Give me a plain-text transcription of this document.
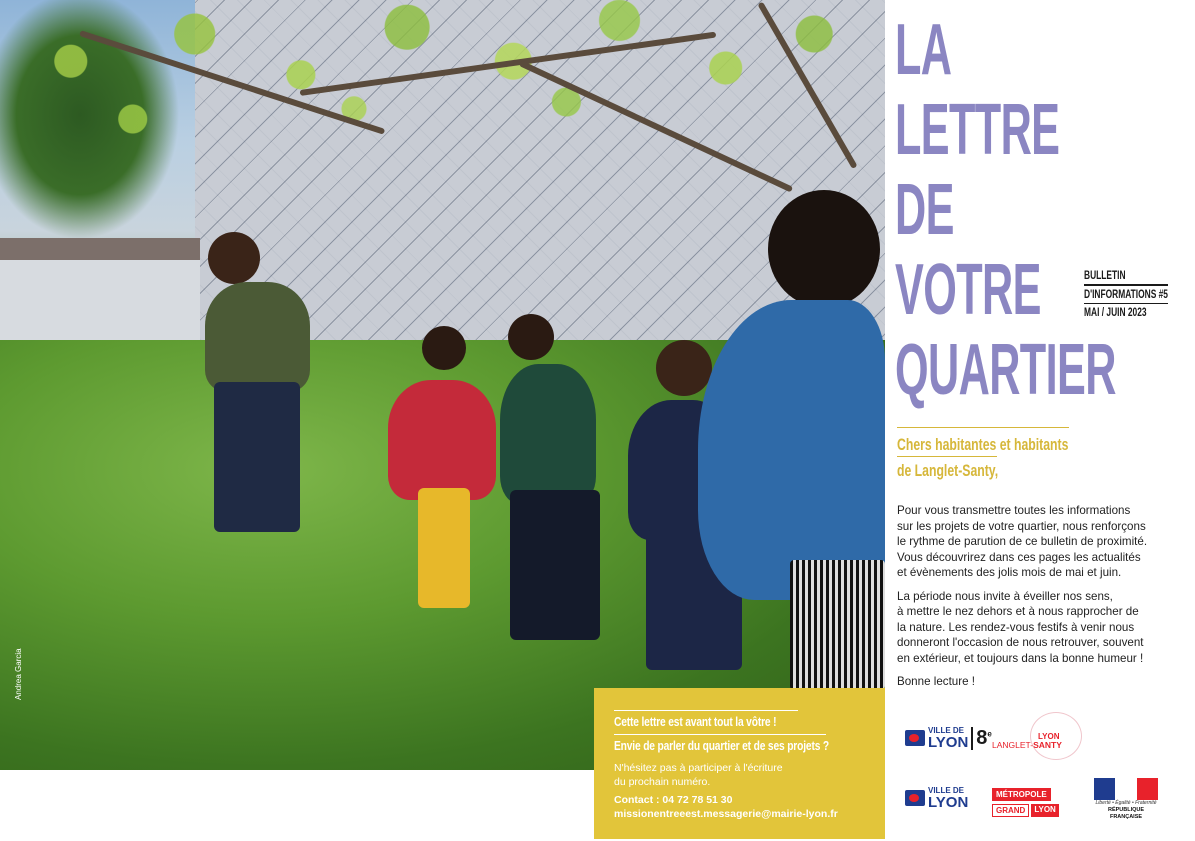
Andrea Garcia
Cette lettre est avant tout la vôtre !
Envie de parler du quartier et de ses projets ?
N'hésitez pas à participer à l'écriture
du prochain numéro.
Contact : 04 72 78 51 30
missionentreeest.messagerie@mairie-lyon.fr
LA
LETTRE
DE
VOTRE
QUARTIER
BULLETIN
D'INFORMATIONS #5
MAI / JUIN 2023
Chers habitantes et habitants
de Langlet-Santy,

Pour vous transmettre toutes les informations
sur les projets de votre quartier, nous renforçons
le rythme de parution de ce bulletin de proximité.
Vous découvrirez dans ces pages les actualités
et évènements des jolis mois de mai et juin.

La période nous invite à éveiller nos sens,
à mettre le nez dehors et à nous rapprocher de
la nature. Les rendez-vous festifs à venir nous
donneront l'occasion de nous retrouver, souvent
en extérieur, et toujours dans la bonne humeur !

Bonne lecture !

VILLE DE
LYON 8e	LYON
LANGLET-SANTY
VILLE DE
LYON	MÉTROPOLE
GRAND	LYON
Liberté • Égalité • Fraternité
RÉPUBLIQUE FRANÇAISE
